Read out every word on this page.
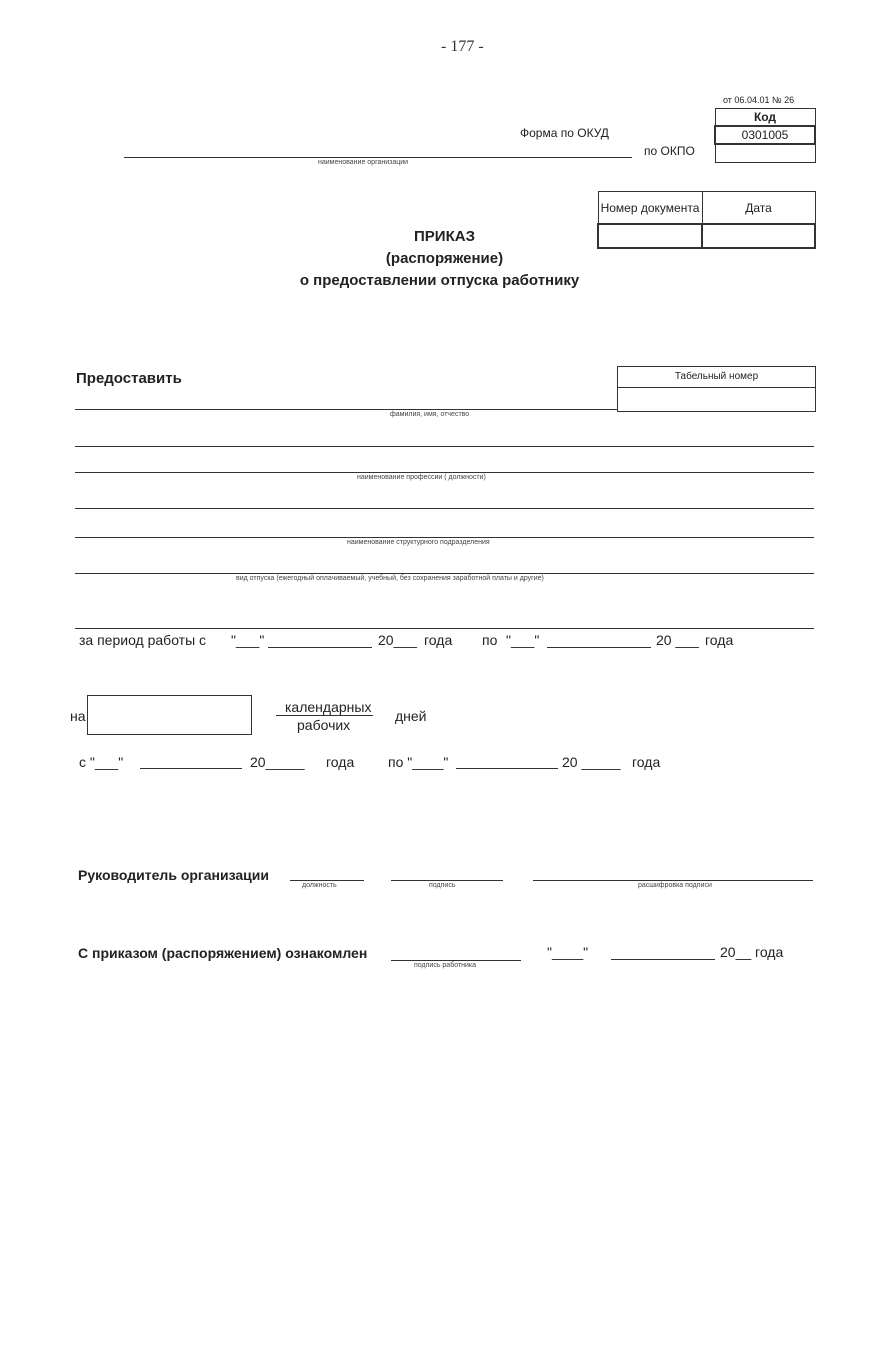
- 177 -
от 06.04.01 № 26
Форма по ОКУД
по ОКПО
Код
0301005

наименование организации
Номер документа	Дата

ПРИКАЗ
(распоряжение)
о предоставлении отпуска работнику
Предоставить	Табельный номер
фамилия, имя, отчество
наименование профессии ( должности)
наименование структурного подразделения
вид отпуска (ежегодный оплачиваемый, учебный, без сохранения заработной платы и другие)
за период работы с "___"	20___ года по "___"	20 ___ года
на
календарных
рабочих
дней
с "___"	20_____ года по "____"	20 _____ года
Руководитель организации
должность	подпись	расшифровка подписи
С приказом (распоряжением) ознакомлен
подпись работника
"____"	20__ года
